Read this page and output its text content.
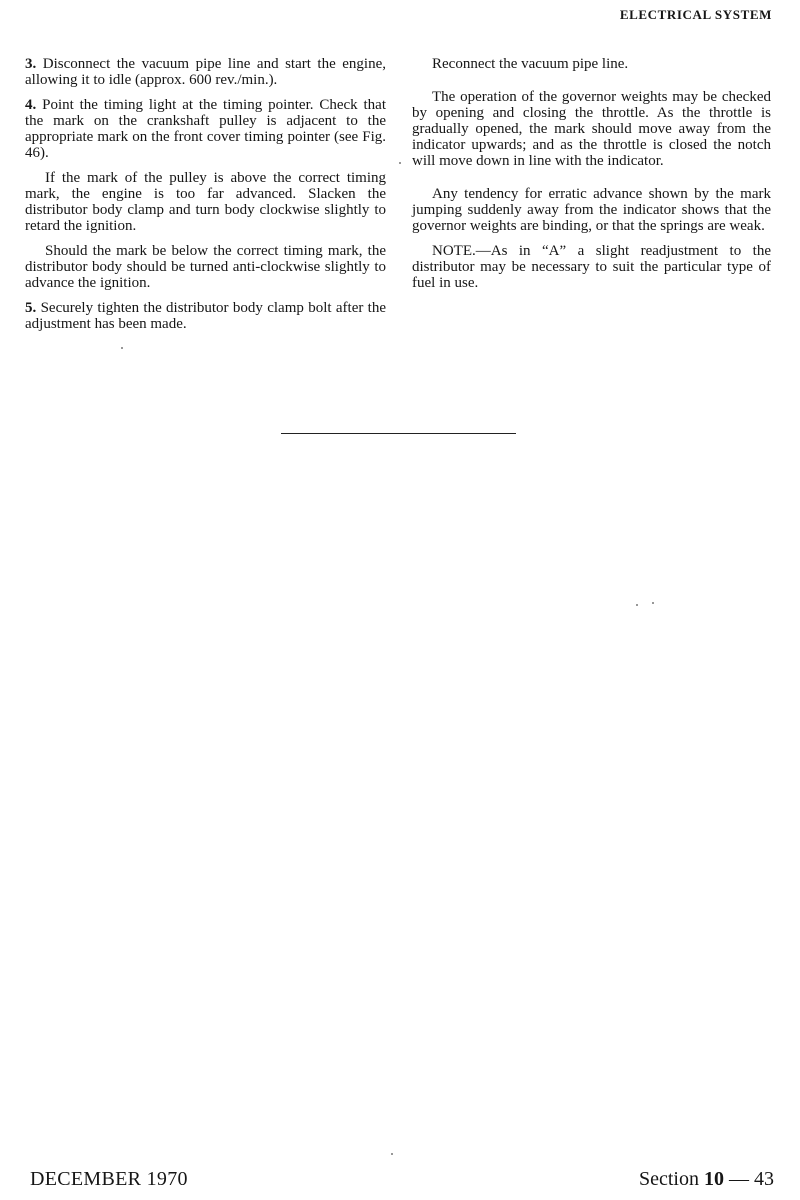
ELECTRICAL SYSTEM

3. Disconnect the vacuum pipe line and start the engine, allowing it to idle (approx. 600 rev./min.).

4. Point the timing light at the timing pointer. Check that the mark on the crankshaft pulley is adjacent to the appropriate mark on the front cover timing pointer (see Fig. 46).

If the mark of the pulley is above the correct timing mark, the engine is too far advanced. Slacken the distributor body clamp and turn body clockwise slightly to retard the ignition.

Should the mark be below the correct timing mark, the distributor body should be turned anti-clockwise slightly to advance the ignition.

5. Securely tighten the distributor body clamp bolt after the adjustment has been made.

Reconnect the vacuum pipe line.

The operation of the governor weights may be checked by opening and closing the throttle. As the throttle is gradually opened, the mark should move away from the indicator upwards; and as the throttle is closed the notch will move down in line with the indicator.

Any tendency for erratic advance shown by the mark jumping suddenly away from the indicator shows that the governor weights are binding, or that the springs are weak.

NOTE.—As in “A” a slight readjustment to the distributor may be necessary to suit the particular type of fuel in use.

DECEMBER 1970	Section 10 — 43
